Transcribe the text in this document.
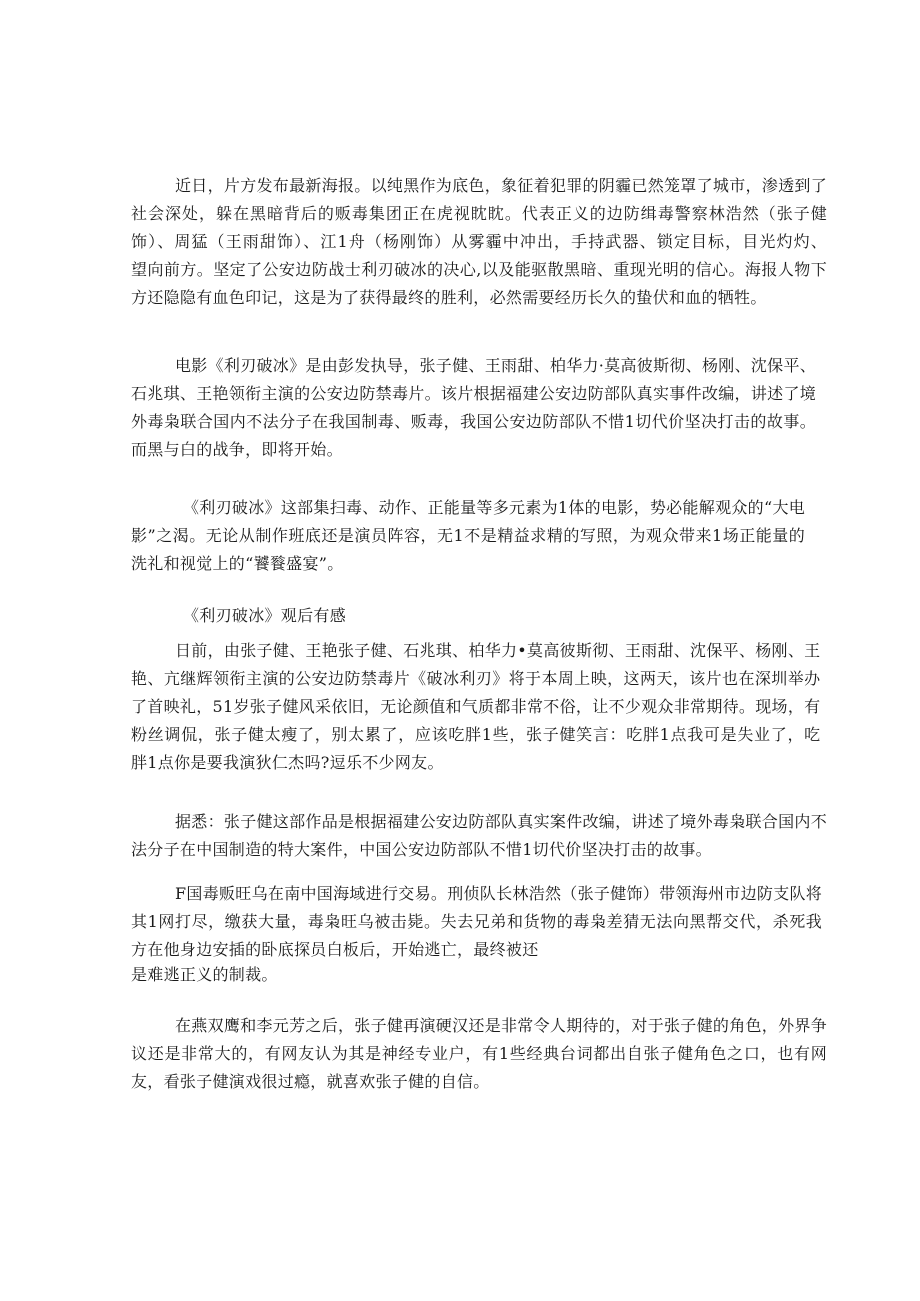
近日，片方发布最新海报。以纯黑作为底色，象征着犯罪的阴霾已然笼罩了城市，渗透到了
社会深处，躲在黑暗背后的贩毒集团正在虎视眈眈。代表正义的边防缉毒警察林浩然（张子健
饰）、周猛（王雨甜饰）、江1舟（杨刚饰）从雾霾中冲出，手持武器、锁定目标，目光灼灼、
望向前方。坚定了公安边防战士利刃破冰的决心,以及能驱散黑暗、重现光明的信心。海报人物下
方还隐隐有血色印记，这是为了获得最终的胜利，必然需要经历长久的蛰伏和血的牺牲。
电影《利刃破冰》是由彭发执导，张子健、王雨甜、柏华力·莫高彼斯彻、杨刚、沈保平、
石兆琪、王艳领衔主演的公安边防禁毒片。该片根据福建公安边防部队真实事件改编，讲述了境
外毒枭联合国内不法分子在我国制毒、贩毒，我国公安边防部队不惜1切代价坚决打击的故事。
而黑与白的战争，即将开始。
《利刃破冰》这部集扫毒、动作、正能量等多元素为1体的电影，势必能解观众的“大电
影”之渴。无论从制作班底还是演员阵容，无1不是精益求精的写照，为观众带来1场正能量的
洗礼和视觉上的“饕餮盛宴”。
《利刃破冰》观后有感
日前，由张子健、王艳张子健、石兆琪、柏华力•莫高彼斯彻、王雨甜、沈保平、杨刚、王
艳、亢继辉领衔主演的公安边防禁毒片《破冰利刃》将于本周上映，这两天，该片也在深圳举办
了首映礼，51岁张子健风采依旧，无论颜值和气质都非常不俗，让不少观众非常期待。现场，有
粉丝调侃，张子健太瘦了，别太累了，应该吃胖1些，张子健笑言：吃胖1点我可是失业了，吃
胖1点你是要我演狄仁杰吗?逗乐不少网友。
据悉：张子健这部作品是根据福建公安边防部队真实案件改编，讲述了境外毒枭联合国内不
法分子在中国制造的特大案件，中国公安边防部队不惜1切代价坚决打击的故事。
F国毒贩旺乌在南中国海域进行交易。刑侦队长林浩然（张子健饰）带领海州市边防支队将
其1网打尽，缴获大量，毒枭旺乌被击毙。失去兄弟和货物的毒枭差猜无法向黑帮交代，杀死我
方在他身边安插的卧底探员白板后，开始逃亡，最终被还
是难逃正义的制裁。
在燕双鹰和李元芳之后，张子健再演硬汉还是非常令人期待的，对于张子健的角色，外界争
议还是非常大的，有网友认为其是神经专业户，有1些经典台词都出自张子健角色之口，也有网
友，看张子健演戏很过瘾，就喜欢张子健的自信。
